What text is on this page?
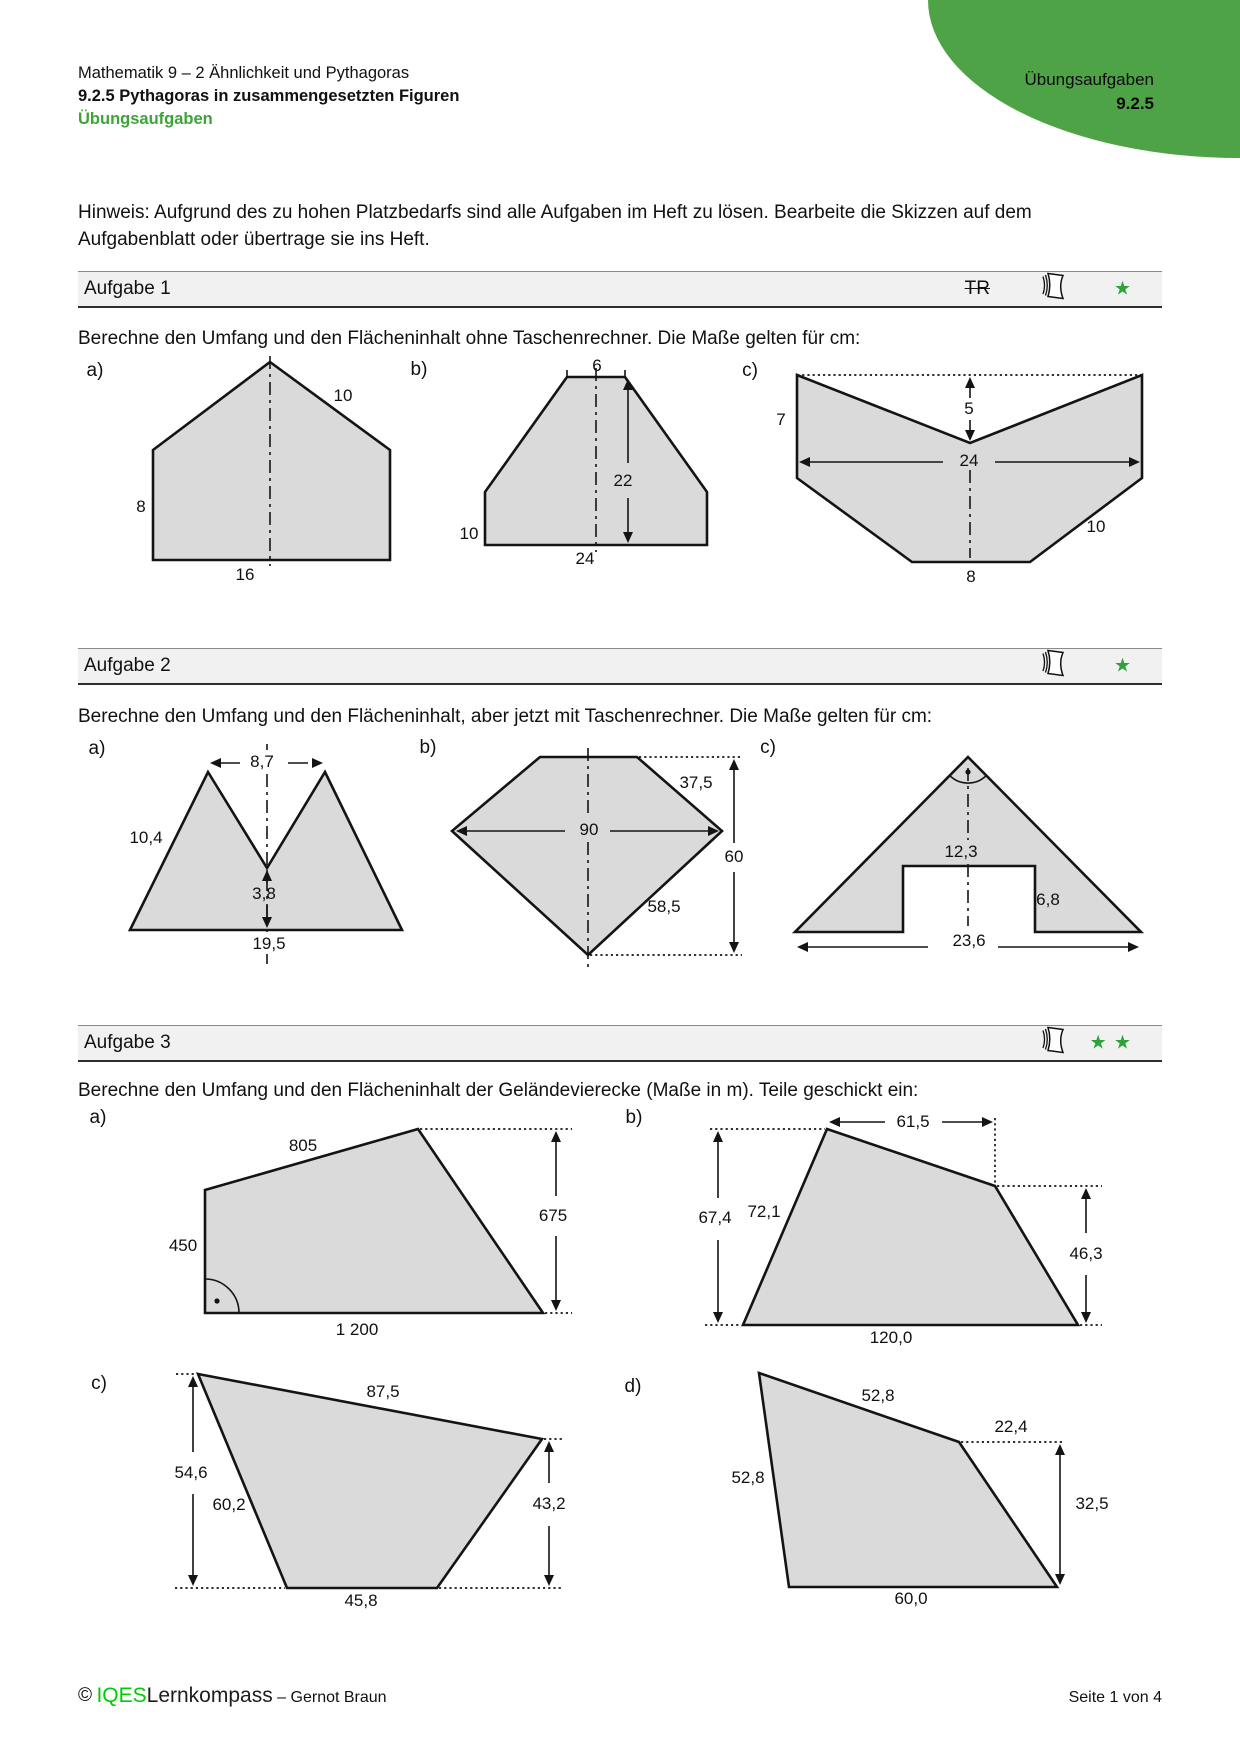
Übungsaufgaben
9.2.5
Mathematik 9 – 2 Ähnlichkeit und Pythagoras
9.2.5 Pythagoras in zusammengesetzten Figuren
Übungsaufgaben

Hinweis: Aufgrund des zu hohen Platzbedarfs sind alle Aufgaben im Heft zu lösen. Bearbeite die Skizzen auf dem Aufgabenblatt oder übertrage sie ins Heft.

Aufgabe 1	TR	★

Berechne den Umfang und den Flächeninhalt ohne Taschenrechner. Die Maße gelten für cm:

Aufgabe 2	★

Berechne den Umfang und den Flächeninhalt, aber jetzt mit Taschenrechner. Die Maße gelten für cm:

Aufgabe 3	★ ★

Berechne den Umfang und den Flächeninhalt der Geländevierecke (Maße in m). Teile geschickt ein:

a)	b)	c)
a)	b)	c)
a)	b)
c)	d)
10
8
16
6
22
10
24
7
5
24
10
8
8,7
10,4
3,8
19,5
37,5
90
60
58,5
12,3
6,8
23,6
805
450
675
1 200
61,5
72,1
67,4
46,3
120,0
87,5
54,6
60,2	43,2
45,8
52,8
22,4
52,8
32,5
60,0
© IQESLernkompass – Gernot Braun	Seite 1 von 4
